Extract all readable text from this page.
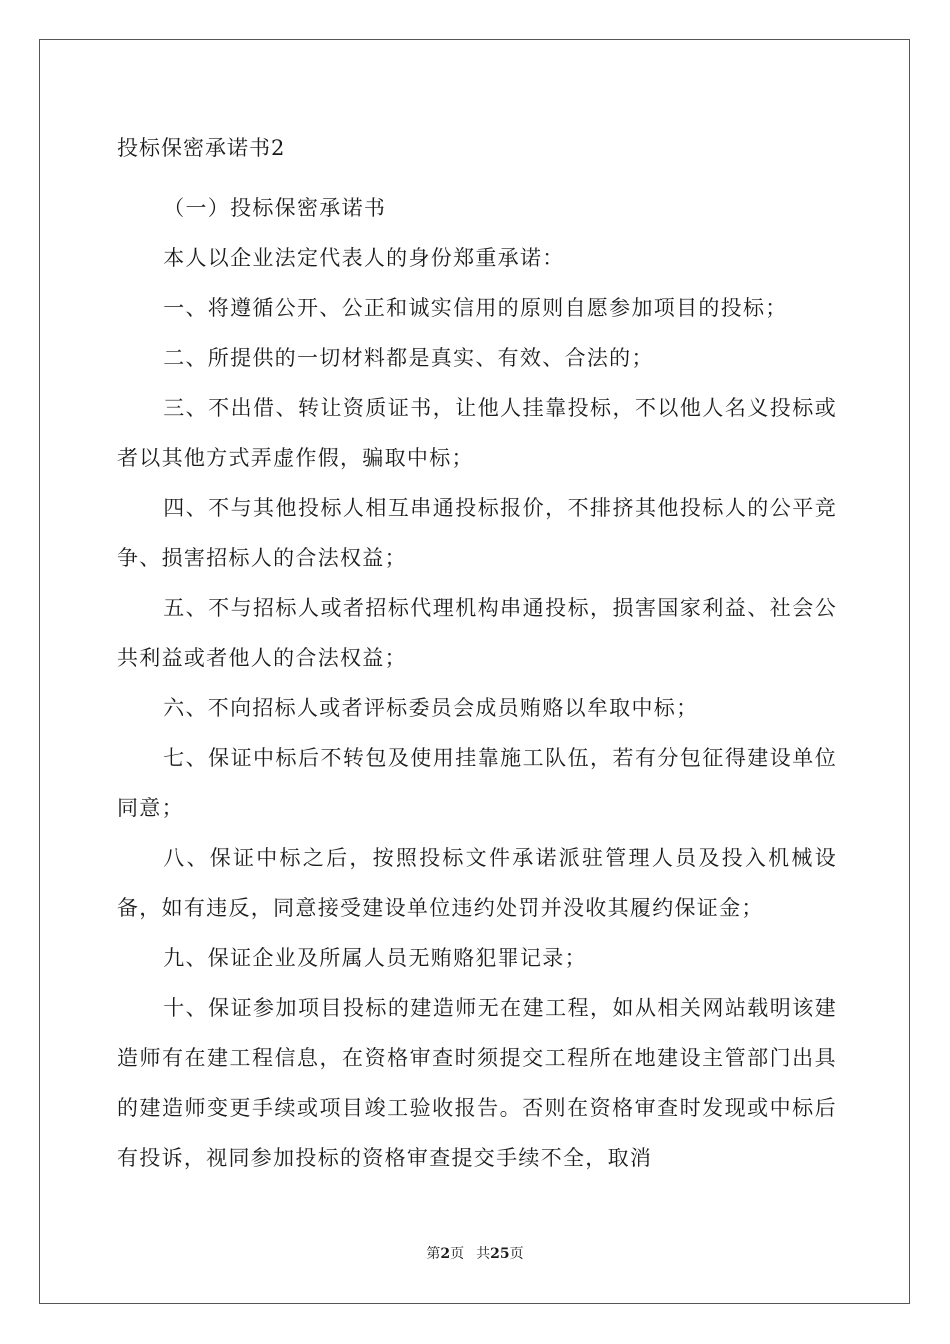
投标保密承诺书2

（一）投标保密承诺书

本人以企业法定代表人的身份郑重承诺：

一、将遵循公开、公正和诚实信用的原则自愿参加项目的投标；

二、所提供的一切材料都是真实、有效、合法的；

三、不出借、转让资质证书，让他人挂靠投标，不以他人名义投标或者以其他方式弄虚作假，骗取中标；

四、不与其他投标人相互串通投标报价，不排挤其他投标人的公平竞争、损害招标人的合法权益；

五、不与招标人或者招标代理机构串通投标，损害国家利益、社会公共利益或者他人的合法权益；

六、不向招标人或者评标委员会成员贿赂以牟取中标；

七、保证中标后不转包及使用挂靠施工队伍，若有分包征得建设单位同意；

八、保证中标之后，按照投标文件承诺派驻管理人员及投入机械设备，如有违反，同意接受建设单位违约处罚并没收其履约保证金；

九、保证企业及所属人员无贿赂犯罪记录；

十、保证参加项目投标的建造师无在建工程，如从相关网站载明该建造师有在建工程信息，在资格审查时须提交工程所在地建设主管部门出具的建造师变更手续或项目竣工验收报告。否则在资格审查时发现或中标后有投诉，视同参加投标的资格审查提交手续不全，取消

第2页 共25页
